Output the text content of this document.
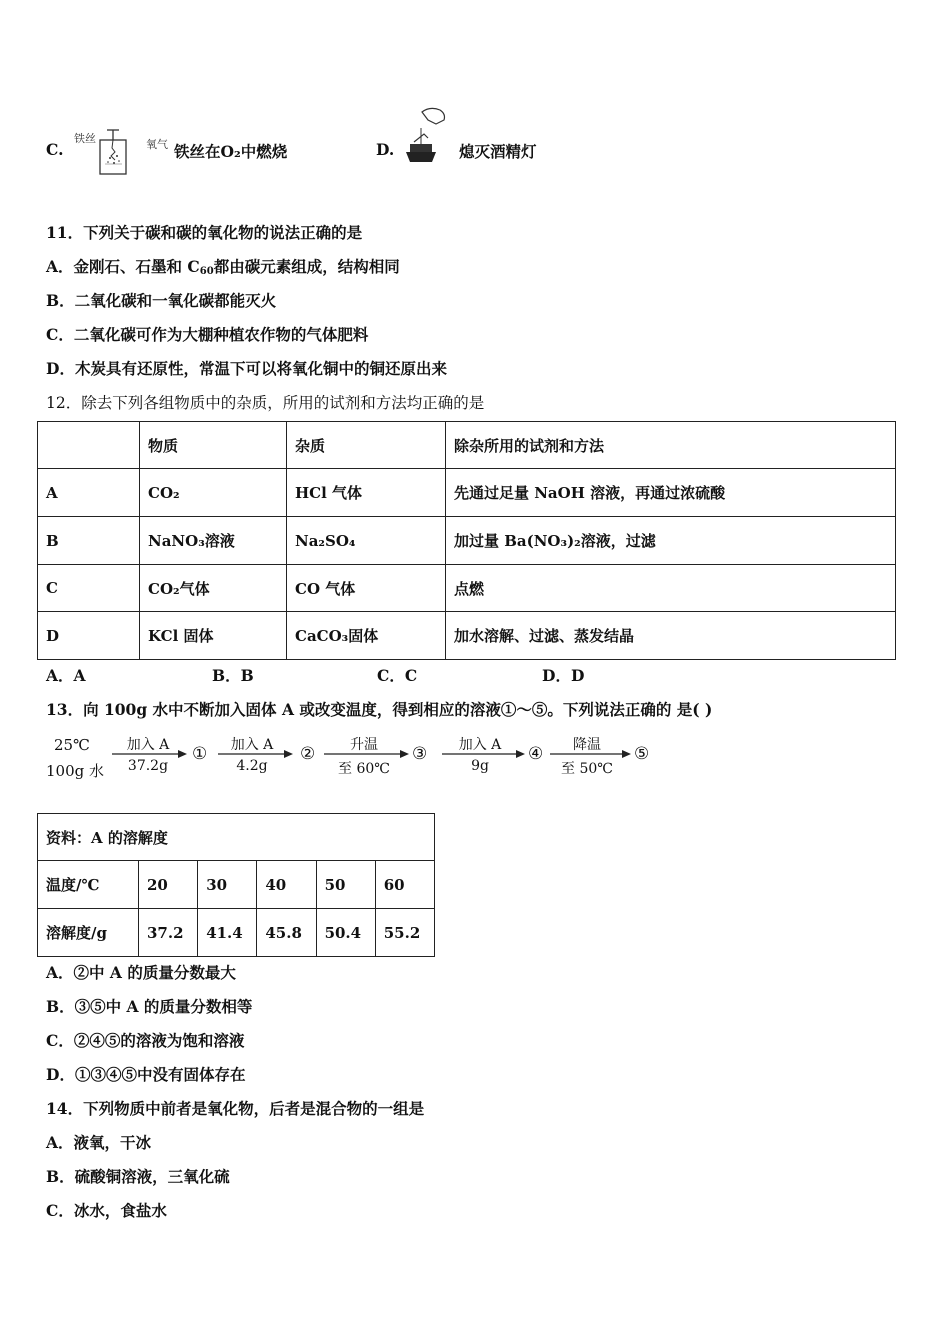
C.
铁丝	氧气 铁丝在O₂中燃烧	D.	熄灭酒精灯
11．下列关于碳和碳的氧化物的说法正确的是
A．金刚石、石墨和 $C_{60}$都由碳元素组成，结构相同
B．二氧化碳和一氧化碳都能灭火
C．二氧化碳可作为大棚种植农作物的气体肥料
D．木炭具有还原性，常温下可以将氧化铜中的铜还原出来
12．除去下列各组物质中的杂质，所用的试剂和方法均正确的是
	物质	杂质	除杂所用的试剂和方法
A	CO₂	HCl 气体	先通过足量 NaOH 溶液，再通过浓硫酸
B	NaNO₃溶液	Na₂SO₄	加过量 Ba(NO₃)₂溶液，过滤
C	CO₂气体	CO 气体	点燃
D	KCl 固体	CaCO₃固体	加水溶解、过滤、蒸发结晶
A．A	B．B	C．C	D．D
13．向 100g 水中不断加入固体 A 或改变温度，得到相应的溶液①～⑤。下列说法正确的 是( )
25℃
100g 水
加入 A
37.2g
①	加入 A
4.2g
②	升温
至 60℃
③	加入 A
9g
④	降温
至 50℃
⑤
资料：A 的溶解度					
温度/℃	20	30	40	50	60
溶解度/g	37.2	41.4	45.8	50.4	55.2
A．②中 A 的质量分数最大
B．③⑤中 A 的质量分数相等
C．②④⑤的溶液为饱和溶液
D．①③④⑤中没有固体存在
14．下列物质中前者是氧化物，后者是混合物的一组是
A．液氧，干冰
B．硫酸铜溶液，三氧化硫
C．冰水，食盐水
